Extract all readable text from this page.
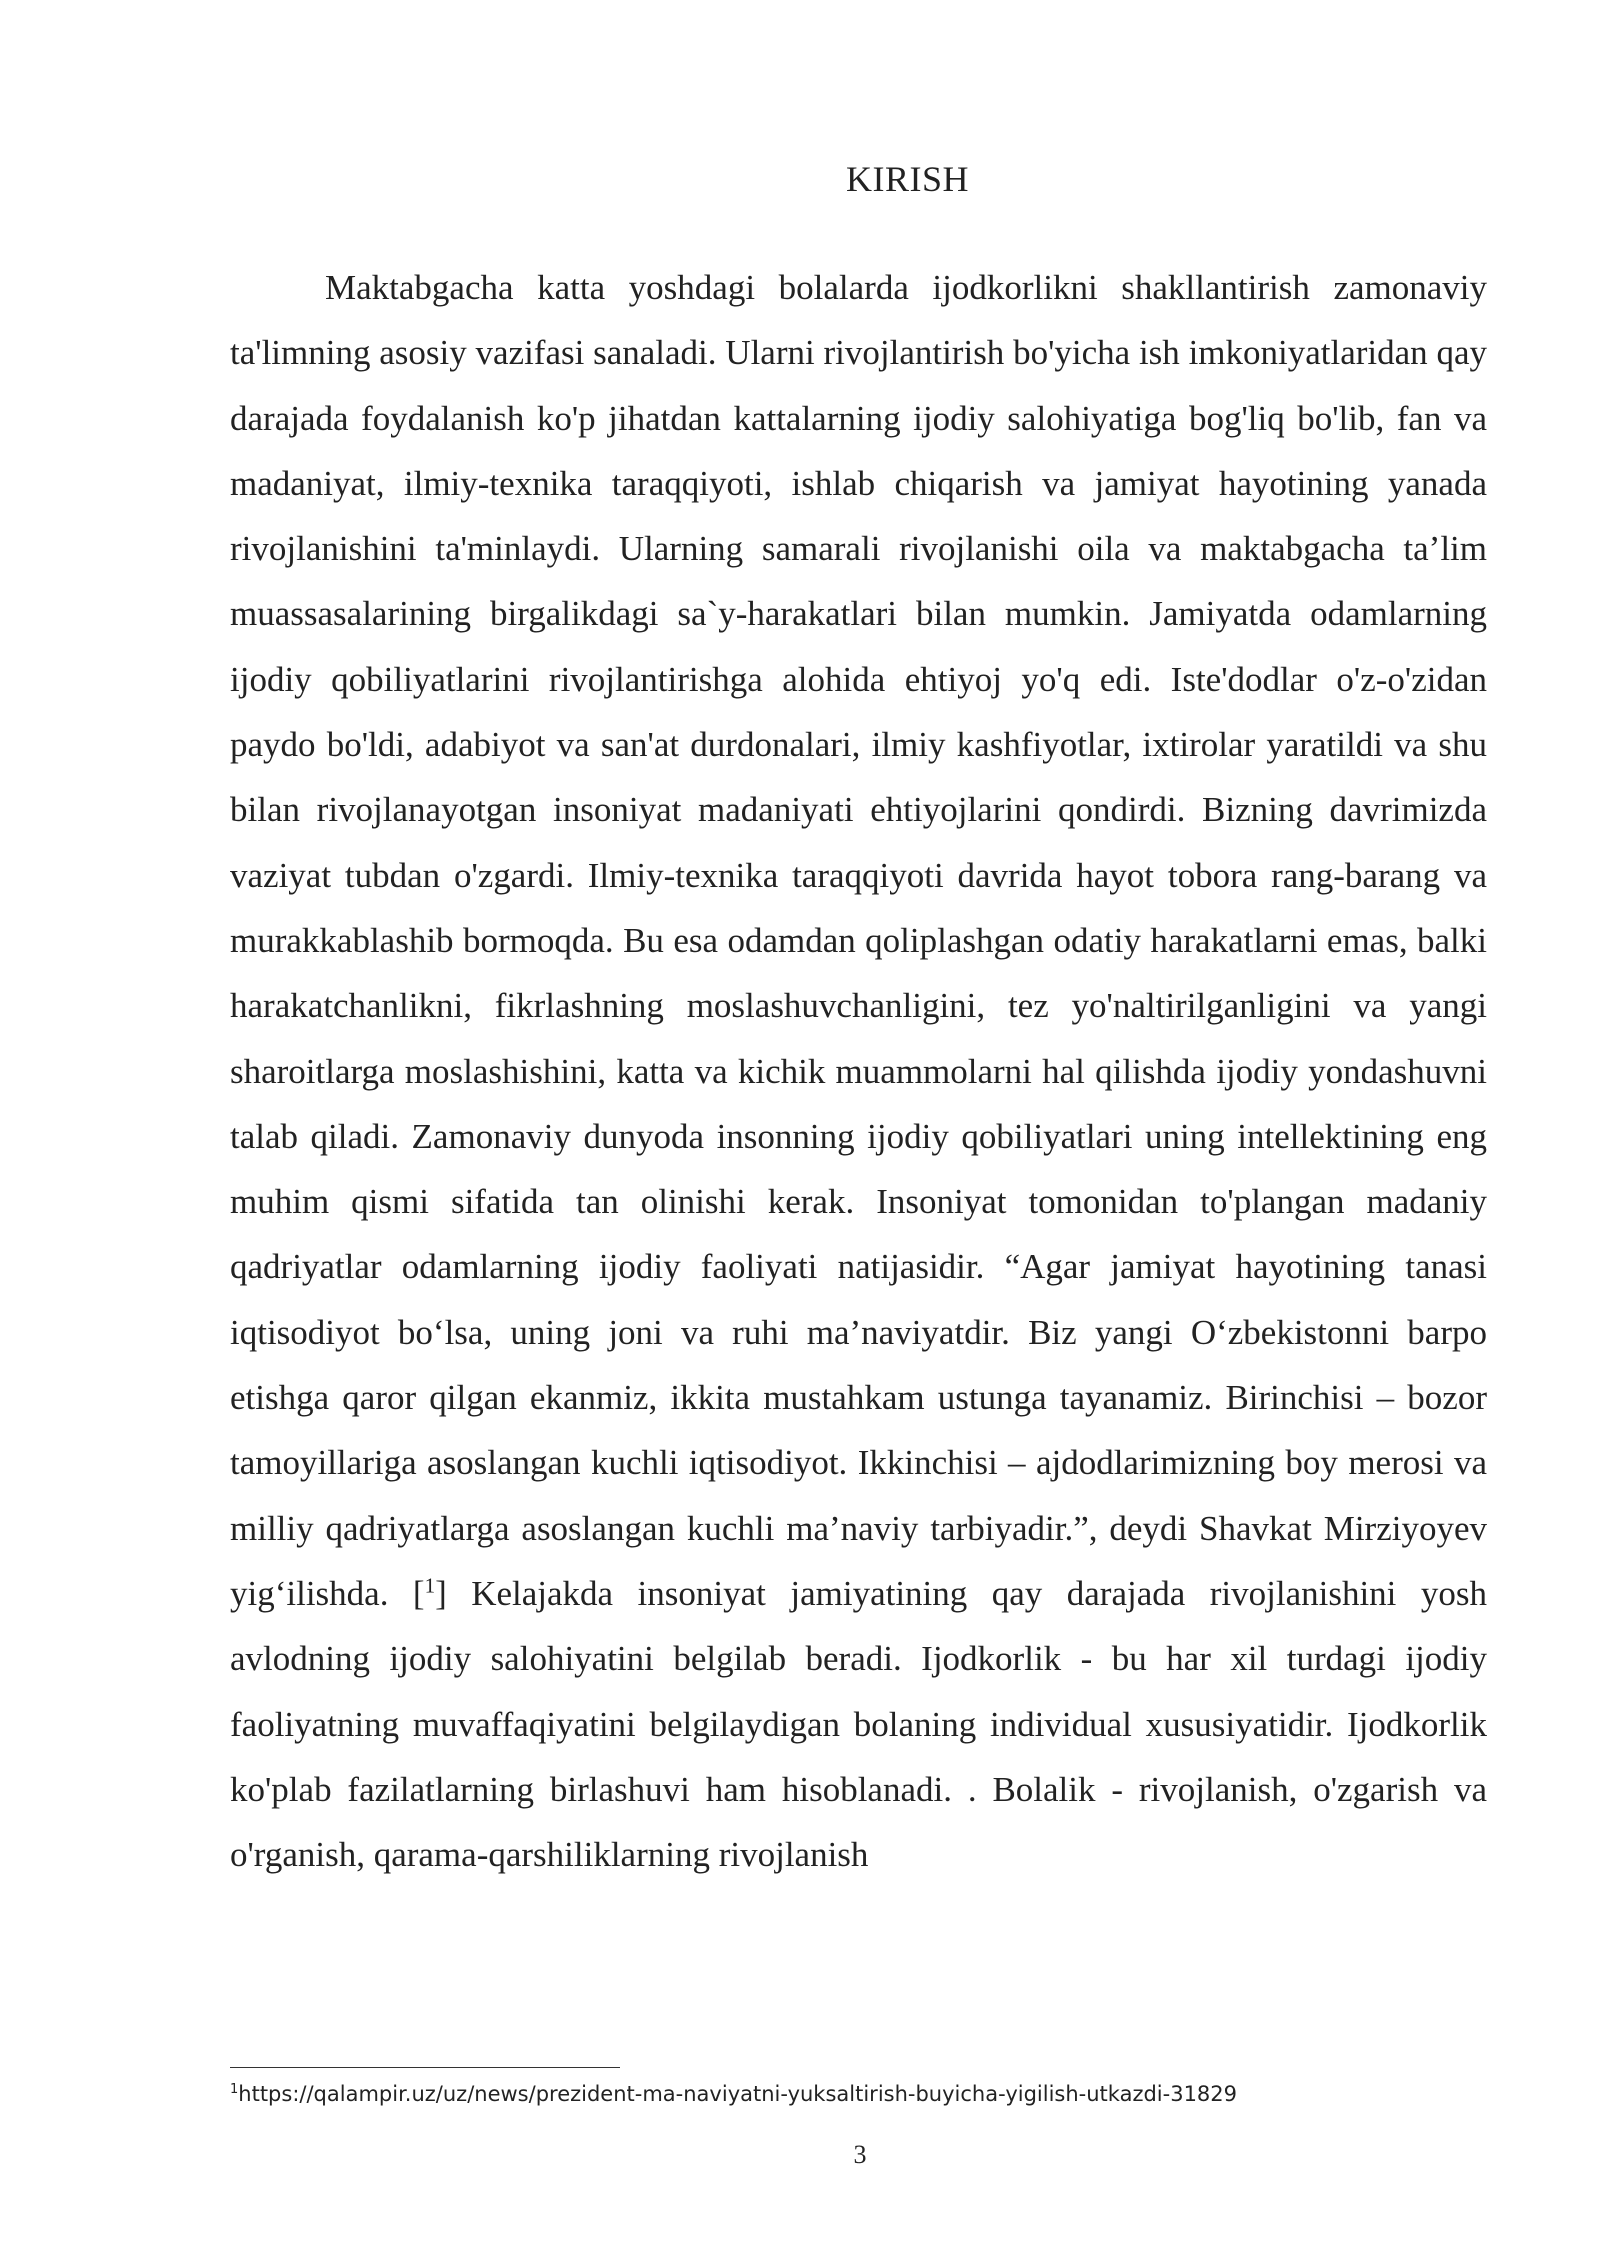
KIRISH

Maktabgacha katta yoshdagi bolalarda ijodkorlikni shakllantirish zamonaviy ta'limning asosiy vazifasi sanaladi. Ularni rivojlantirish bo'yicha ish imkoniyatlaridan qay darajada foydalanish ko'p jihatdan kattalarning ijodiy salohiyatiga bog'liq bo'lib, fan va madaniyat, ilmiy-texnika taraqqiyoti, ishlab chiqarish va jamiyat hayotining yanada rivojlanishini ta'minlaydi. Ularning samarali rivojlanishi oila va maktabgacha ta’lim muassasalarining birgalikdagi sa`y-harakatlari bilan mumkin. Jamiyatda odamlarning ijodiy qobiliyatlarini rivojlantirishga alohida ehtiyoj yo'q edi. Iste'dodlar o'z-o'zidan paydo bo'ldi, adabiyot va san'at durdonalari, ilmiy kashfiyotlar, ixtirolar yaratildi va shu bilan rivojlanayotgan insoniyat madaniyati ehtiyojlarini qondirdi. Bizning davrimizda vaziyat tubdan o'zgardi. Ilmiy-texnika taraqqiyoti davrida hayot tobora rang-barang va murakkablashib bormoqda. Bu esa odamdan qoliplashgan odatiy harakatlarni emas, balki harakatchanlikni, fikrlashning moslashuvchanligini, tez yo'naltirilganligini va yangi sharoitlarga moslashishini, katta va kichik muammolarni hal qilishda ijodiy yondashuvni talab qiladi. Zamonaviy dunyoda insonning ijodiy qobiliyatlari uning intellektining eng muhim qismi sifatida tan olinishi kerak. Insoniyat tomonidan to'plangan madaniy qadriyatlar odamlarning ijodiy faoliyati natijasidir. “Agar jamiyat hayotining tanasi iqtisodiyot bo‘lsa, uning joni va ruhi ma’naviyatdir. Biz yangi O‘zbekistonni barpo etishga qaror qilgan ekanmiz, ikkita mustahkam ustunga tayanamiz. Birinchisi – bozor tamoyillariga asoslangan kuchli iqtisodiyot. Ikkinchisi – ajdodlarimizning boy merosi va milliy qadriyatlarga asoslangan kuchli ma’naviy tarbiyadir.”, deydi Shavkat Mirziyoyev yig‘ilishda. [$^1$] Kelajakda insoniyat jamiyatining qay darajada rivojlanishini yosh avlodning ijodiy salohiyatini belgilab beradi. Ijodkorlik - bu har xil turdagi ijodiy faoliyatning muvaffaqiyatini belgilaydigan bolaning individual xususiyatidir. Ijodkorlik ko'plab fazilatlarning birlashuvi ham hisoblanadi. . Bolalik - rivojlanish, o'zgarish va o'rganish, qarama-qarshiliklarning rivojlanish

$^1$https://qalampir.uz/uz/news/prezident-ma-naviyatni-yuksaltirish-buyicha-yigilish-utkazdi-31829

3
